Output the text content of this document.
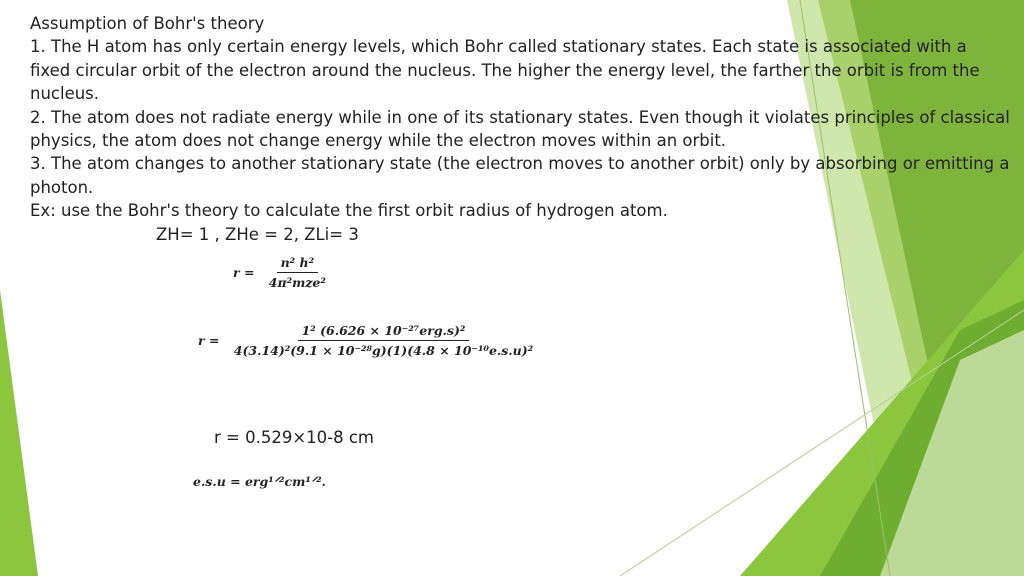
Assumption of Bohr's theory

1. The H atom has only certain energy levels, which Bohr called stationary states. Each state is associated with a fixed circular orbit of the electron around the nucleus. The higher the energy level, the farther the orbit is from the nucleus.

2. The atom does not radiate energy while in one of its stationary states. Even though it violates principles of classical physics, the atom does not change energy while the electron moves within an orbit.

3. The atom changes to another stationary state (the electron moves to another orbit) only by absorbing or emitting a photon.

Ex: use the Bohr's theory to calculate the first orbit radius of hydrogen atom.

ZH= 1 , ZHe = 2, ZLi= 3

$r = \frac{\text{n² h²}}{\text{4π²mze²}}$
$r = \frac{\text{1² (6.626 × 10⁻²⁷erg.s)²}}{\text{4(3.14)²(9.1 × 10⁻²⁸g)(1)(4.8 × 10⁻¹⁰e.s.u)²}}$
r = 0.529×10-8 cm
e.s.u = erg¹ᐟ²cm¹ᐟ².
